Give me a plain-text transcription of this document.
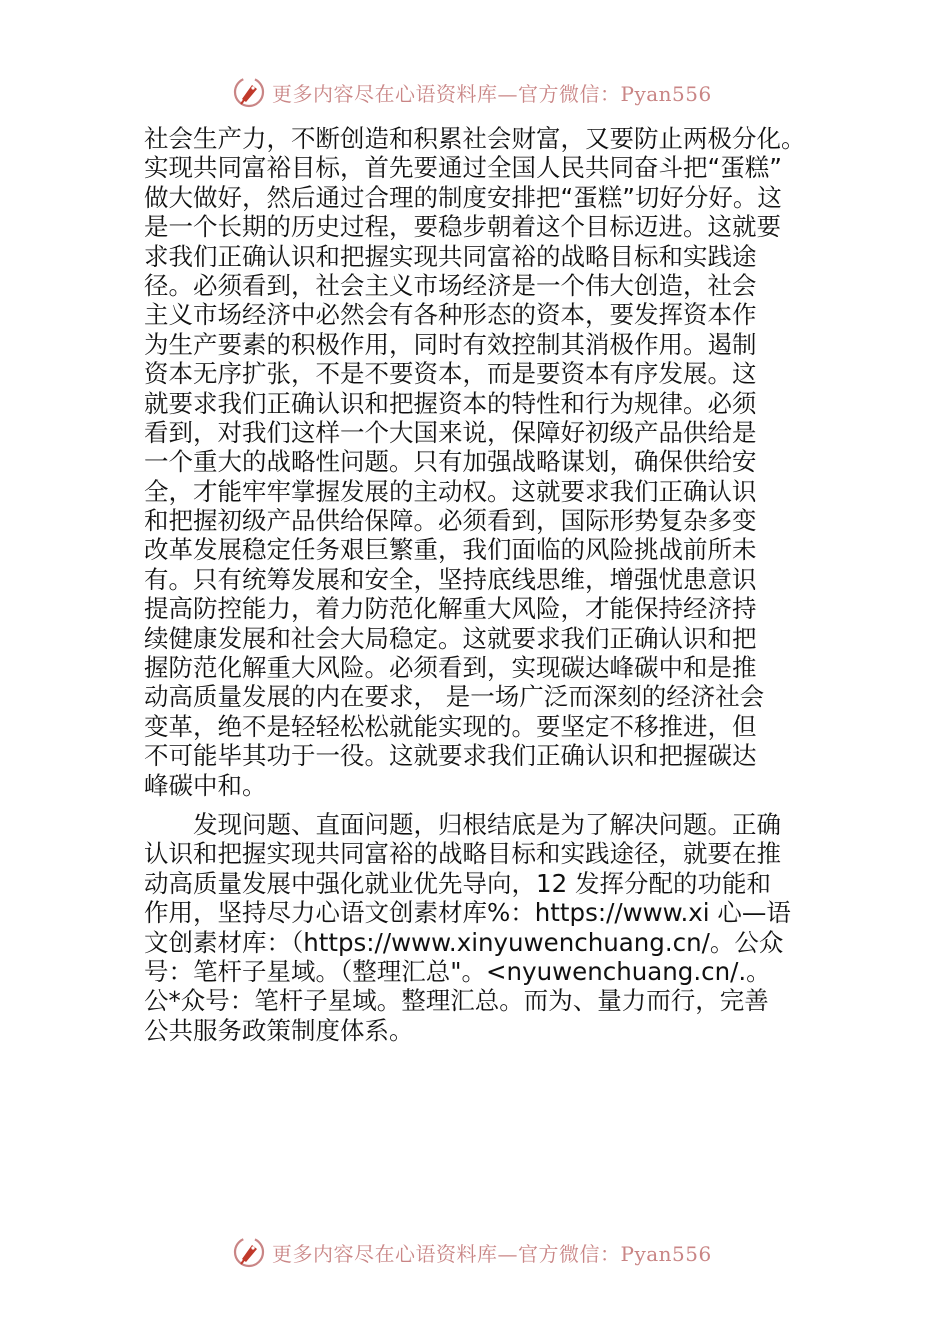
更多内容尽在心语资料库—官方微信：Pyan556
社会生产力，不断创造和积累社会财富，又要防止两极分化。
实现共同富裕目标，首先要通过全国人民共同奋斗把“蛋糕”
做大做好，然后通过合理的制度安排把“蛋糕”切好分好。这
是一个长期的历史过程，要稳步朝着这个目标迈进。这就要
求我们正确认识和把握实现共同富裕的战略目标和实践途
径。必须看到，社会主义市场经济是一个伟大创造，社会
主义市场经济中必然会有各种形态的资本，要发挥资本作
为生产要素的积极作用，同时有效控制其消极作用。遏制
资本无序扩张，不是不要资本，而是要资本有序发展。这
就要求我们正确认识和把握资本的特性和行为规律。必须
看到，对我们这样一个大国来说，保障好初级产品供给是
一个重大的战略性问题。只有加强战略谋划，确保供给安
全，才能牢牢掌握发展的主动权。这就要求我们正确认识
和把握初级产品供给保障。必须看到，国际形势复杂多变
改革发展稳定任务艰巨繁重，我们面临的风险挑战前所未
有。只有统筹发展和安全，坚持底线思维，增强忧患意识
提高防控能力，着力防范化解重大风险，才能保持经济持
续健康发展和社会大局稳定。这就要求我们正确认识和把
握防范化解重大风险。必须看到，实现碳达峰碳中和是推
动高质量发展的内在要求， 是一场广泛而深刻的经济社会
变革，绝不是轻轻松松就能实现的。要坚定不移推进，但
不可能毕其功于一役。这就要求我们正确认识和把握碳达
峰碳中和。
　　发现问题、直面问题，归根结底是为了解决问题。正确
认识和把握实现共同富裕的战略目标和实践途径，就要在推
动高质量发展中强化就业优先导向，12 发挥分配的功能和
作用，坚持尽力心语文创素材库%：https://www.xi 心—语
文创素材库：（https://www.xinyuwenchuang.cn/。公众
号：笔杆子星域。（整理汇总"。<nyuwenchuang.cn/.。
公*众号：笔杆子星域。整理汇总。而为、量力而行，完善
公共服务政策制度体系。
更多内容尽在心语资料库—官方微信：Pyan556
